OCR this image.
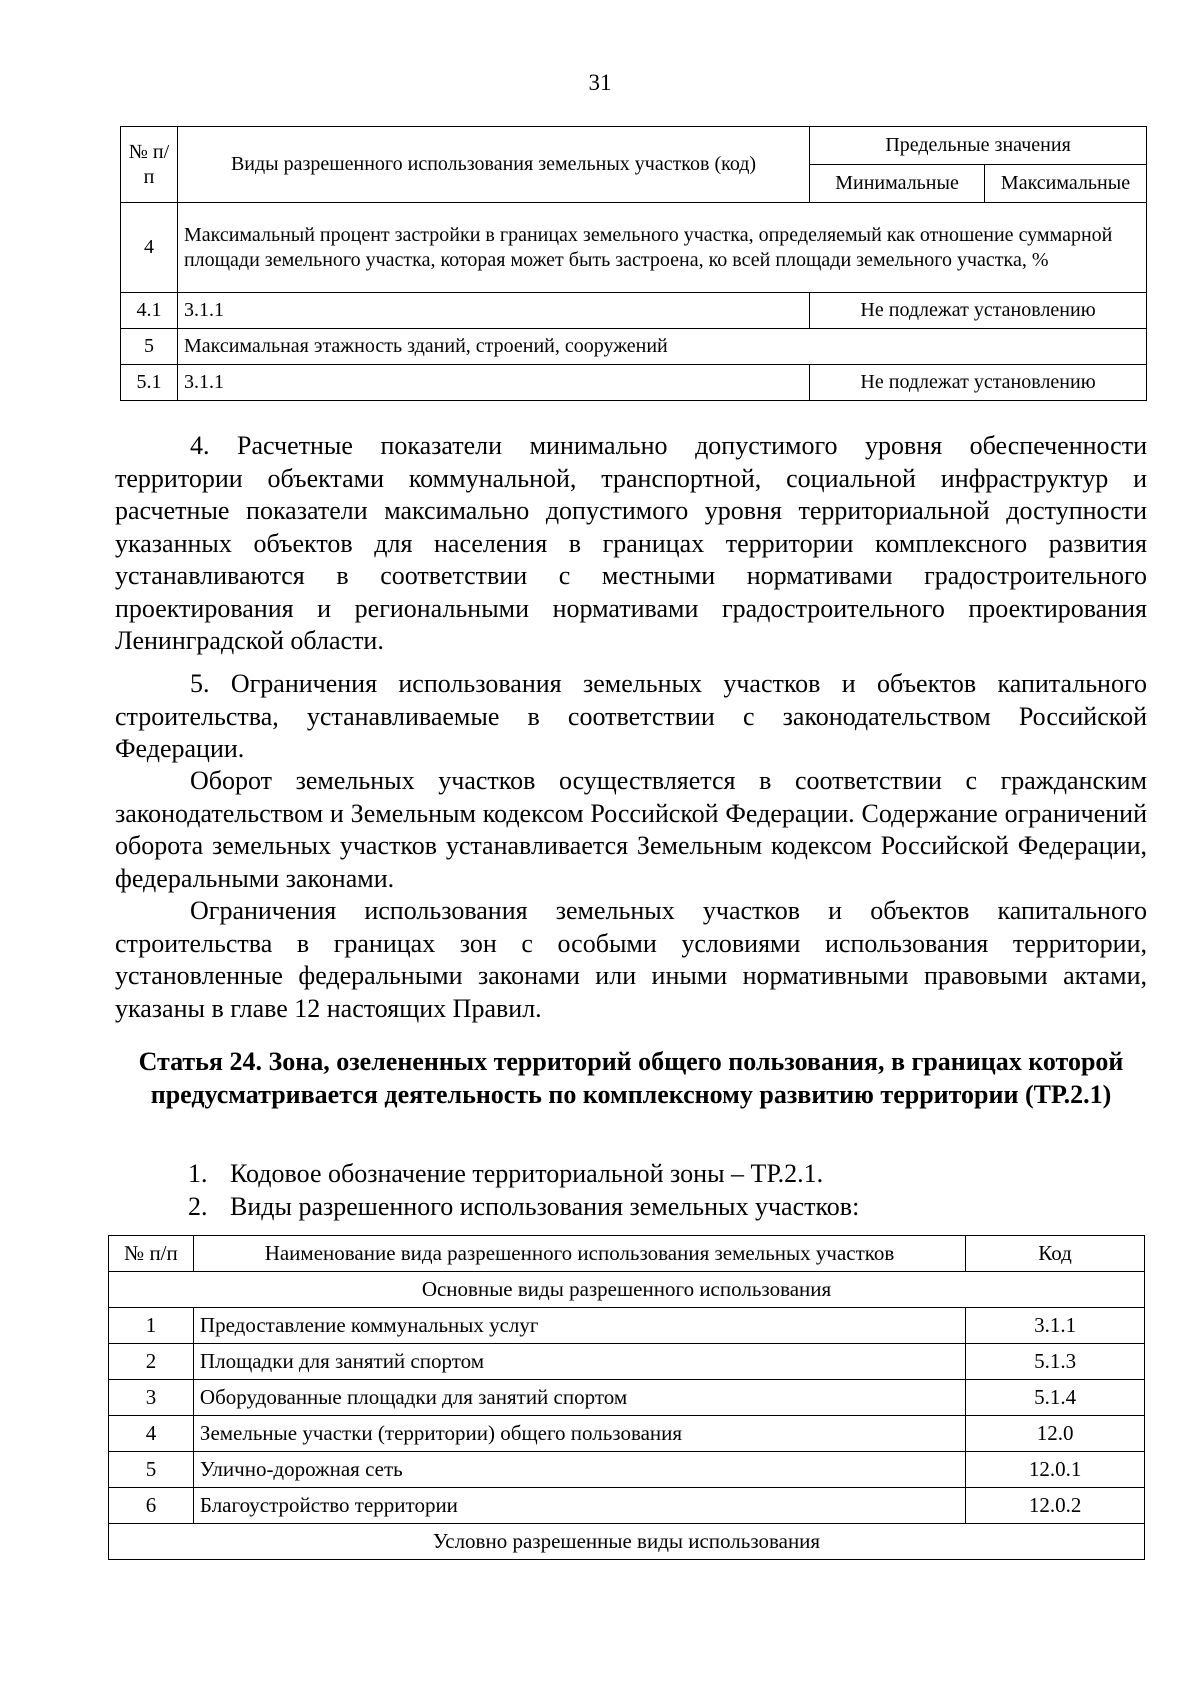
31
№ п/п	Виды разрешенного использования земельных участков (код)	Предельные значения	
		Минимальные	Максимальные
4	Максимальный процент застройки в границах земельного участка, определяемый как отношение суммарной площади земельного участка, которая может быть застроена, ко всей площади земельного участка, %		
4.1	3.1.1	Не подлежат установлению	
5	Максимальная этажность зданий, строений, сооружений		
5.1	3.1.1	Не подлежат установлению	

4. Расчетные показатели минимально допустимого уровня обеспеченности территории объектами коммунальной, транспортной, социальной инфраструктур и расчетные показатели максимально допустимого уровня территориальной доступности указанных объектов для населения в границах территории комплексного развития устанавливаются в соответствии с местными нормативами градостроительного проектирования и региональными нормативами градостроительного проектирования Ленинградской области.

5. Ограничения использования земельных участков и объектов капитального строительства, устанавливаемые в соответствии с законодательством Российской Федерации.

Оборот земельных участков осуществляется в соответствии с гражданским законодательством и Земельным кодексом Российской Федерации. Содержание ограничений оборота земельных участков устанавливается Земельным кодексом Российской Федерации, федеральными законами.

Ограничения использования земельных участков и объектов капитального строительства в границах зон с особыми условиями использования территории, установленные федеральными законами или иными нормативными правовыми актами, указаны в главе 12 настоящих Правил.

Статья 24. Зона, озелененных территорий общего пользования, в границах которой предусматривается деятельность по комплексному развитию территории (ТР.2.1)

1. Кодовое обозначение территориальной зоны – ТР.2.1.

2. Виды разрешенного использования земельных участков:

№ п/п	Наименование вида разрешенного использования земельных участков	Код
Основные виды разрешенного использования		
1	Предоставление коммунальных услуг	3.1.1
2	Площадки для занятий спортом	5.1.3
3	Оборудованные площадки для занятий спортом	5.1.4
4	Земельные участки (территории) общего пользования	12.0
5	Улично-дорожная сеть	12.0.1
6	Благоустройство территории	12.0.2
Условно разрешенные виды использования		
